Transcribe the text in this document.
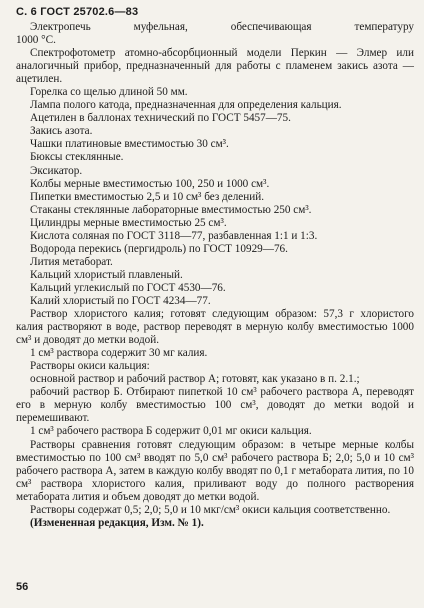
С. 6 ГОСТ 25702.6—83

Электропечь муфельная, обеспечивающая температуру

1000 °С.

Спектрофотометр атомно-абсорбционный модели Перкин — Элмер или аналогичный прибор, предназначенный для работы с пламенем закись азота — ацетилен.

Горелка со щелью длиной 50 мм.

Лампа полого катода, предназначенная для определения кальция.

Ацетилен в баллонах технический по ГОСТ 5457—75.

Закись азота.

Чашки платиновые вместимостью 30 см³.

Бюксы стеклянные.

Эксикатор.

Колбы мерные вместимостью 100, 250 и 1000 см³.

Пипетки вместимостью 2,5 и 10 см³ без делений.

Стаканы стеклянные лабораторные вместимостью 250 см³.

Цилиндры мерные вместимостью 25 см³.

Кислота соляная по ГОСТ 3118—77, разбавленная 1:1 и 1:3.

Водорода перекись (пергидроль) по ГОСТ 10929—76.

Лития метаборат.

Кальций хлористый плавленый.

Кальций углекислый по ГОСТ 4530—76.

Калий хлористый по ГОСТ 4234—77.

Раствор хлористого калия; готовят следующим образом: 57,3 г хлористого калия растворяют в воде, раствор переводят в мерную колбу вместимостью 1000 см³ и доводят до метки водой.

1 см³ раствора содержит 30 мг калия.

Растворы окиси кальция:

основной раствор и рабочий раствор А; готовят, как указано в п. 2.1.;

рабочий раствор Б. Отбирают пипеткой 10 см³ рабочего раствора А, переводят его в мерную колбу вместимостью 100 см³, доводят до метки водой и перемешивают.

1 см³ рабочего раствора Б содержит 0,01 мг окиси кальция.

Растворы сравнения готовят следующим образом: в четыре мерные колбы вместимостью по 100 см³ вводят по 5,0 см³ рабочего раствора Б; 2,0; 5,0 и 10 см³ рабочего раствора А, затем в каждую колбу вводят по 0,1 г метабората лития, по 10 см³ раствора хлористого калия, приливают воду до полного растворения метабората лития и объем доводят до метки водой.

Растворы содержат 0,5; 2,0; 5,0 и 10 мкг/см³ окиси кальция соответственно.

(Измененная редакция, Изм. № 1).

56
